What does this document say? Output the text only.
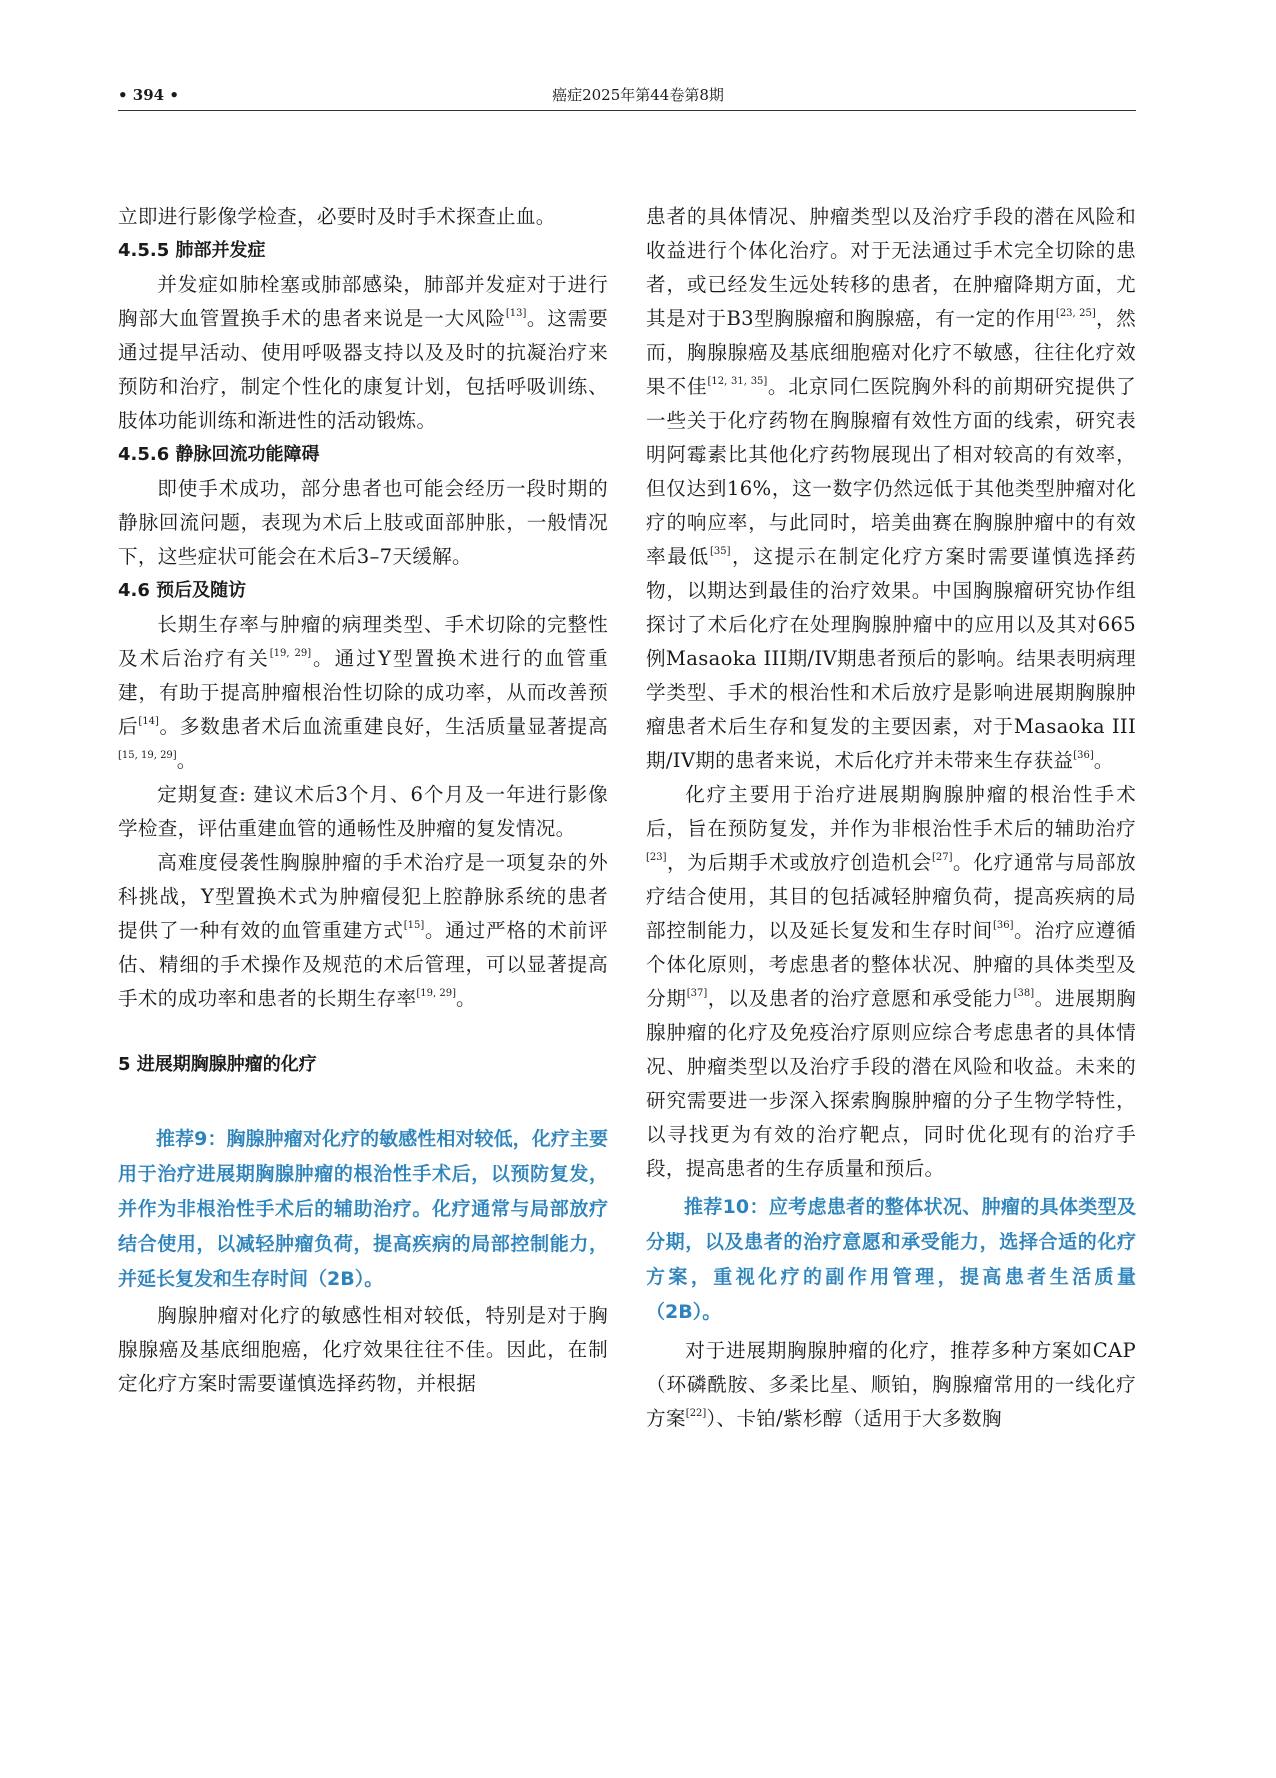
• 394 •	癌症2025年第44卷第8期

立即进行影像学检查，必要时及时手术探查止血。

4.5.5 肺部并发症

并发症如肺栓塞或肺部感染，肺部并发症对于进行胸部大血管置换手术的患者来说是一大风险[13]。这需要通过提早活动、使用呼吸器支持以及及时的抗凝治疗来预防和治疗，制定个性化的康复计划，包括呼吸训练、肢体功能训练和渐进性的活动锻炼。

4.5.6 静脉回流功能障碍

即使手术成功，部分患者也可能会经历一段时期的静脉回流问题，表现为术后上肢或面部肿胀，一般情况下，这些症状可能会在术后3–7天缓解。

4.6 预后及随访

长期生存率与肿瘤的病理类型、手术切除的完整性及术后治疗有关[19, 29]。通过Y型置换术进行的血管重建，有助于提高肿瘤根治性切除的成功率，从而改善预后[14]。多数患者术后血流重建良好，生活质量显著提高[15, 19, 29]。

定期复查: 建议术后3个月、6个月及一年进行影像学检查，评估重建血管的通畅性及肿瘤的复发情况。

高难度侵袭性胸腺肿瘤的手术治疗是一项复杂的外科挑战，Y型置换术式为肿瘤侵犯上腔静脉系统的患者提供了一种有效的血管重建方式[15]。通过严格的术前评估、精细的手术操作及规范的术后管理，可以显著提高手术的成功率和患者的长期生存率[19, 29]。

5 进展期胸腺肿瘤的化疗

推荐9：胸腺肿瘤对化疗的敏感性相对较低，化疗主要用于治疗进展期胸腺肿瘤的根治性手术后，以预防复发，并作为非根治性手术后的辅助治疗。化疗通常与局部放疗结合使用，以减轻肿瘤负荷，提高疾病的局部控制能力，并延长复发和生存时间（2B）。

胸腺肿瘤对化疗的敏感性相对较低，特别是对于胸腺腺癌及基底细胞癌，化疗效果往往不佳。因此，在制定化疗方案时需要谨慎选择药物，并根据

患者的具体情况、肿瘤类型以及治疗手段的潜在风险和收益进行个体化治疗。对于无法通过手术完全切除的患者，或已经发生远处转移的患者，在肿瘤降期方面，尤其是对于B3型胸腺瘤和胸腺癌，有一定的作用[23, 25]，然而，胸腺腺癌及基底细胞癌对化疗不敏感，往往化疗效果不佳[12, 31, 35]。北京同仁医院胸外科的前期研究提供了一些关于化疗药物在胸腺瘤有效性方面的线索，研究表明阿霉素比其他化疗药物展现出了相对较高的有效率，但仅达到16%，这一数字仍然远低于其他类型肿瘤对化疗的响应率，与此同时，培美曲赛在胸腺肿瘤中的有效率最低[35]，这提示在制定化疗方案时需要谨慎选择药物，以期达到最佳的治疗效果。中国胸腺瘤研究协作组探讨了术后化疗在处理胸腺肿瘤中的应用以及其对665例Masaoka III期/IV期患者预后的影响。结果表明病理学类型、手术的根治性和术后放疗是影响进展期胸腺肿瘤患者术后生存和复发的主要因素，对于Masaoka III期/IV期的患者来说，术后化疗并未带来生存获益[36]。

化疗主要用于治疗进展期胸腺肿瘤的根治性手术后，旨在预防复发，并作为非根治性手术后的辅助治疗[23]，为后期手术或放疗创造机会[27]。化疗通常与局部放疗结合使用，其目的包括减轻肿瘤负荷，提高疾病的局部控制能力，以及延长复发和生存时间[36]。治疗应遵循个体化原则，考虑患者的整体状况、肿瘤的具体类型及分期[37]，以及患者的治疗意愿和承受能力[38]。进展期胸腺肿瘤的化疗及免疫治疗原则应综合考虑患者的具体情况、肿瘤类型以及治疗手段的潜在风险和收益。未来的研究需要进一步深入探索胸腺肿瘤的分子生物学特性，以寻找更为有效的治疗靶点，同时优化现有的治疗手段，提高患者的生存质量和预后。

推荐10：应考虑患者的整体状况、肿瘤的具体类型及分期，以及患者的治疗意愿和承受能力，选择合适的化疗方案，重视化疗的副作用管理，提高患者生活质量（2B）。

对于进展期胸腺肿瘤的化疗，推荐多种方案如CAP（环磷酰胺、多柔比星、顺铂，胸腺瘤常用的一线化疗方案[22]）、卡铂/紫杉醇（适用于大多数胸
